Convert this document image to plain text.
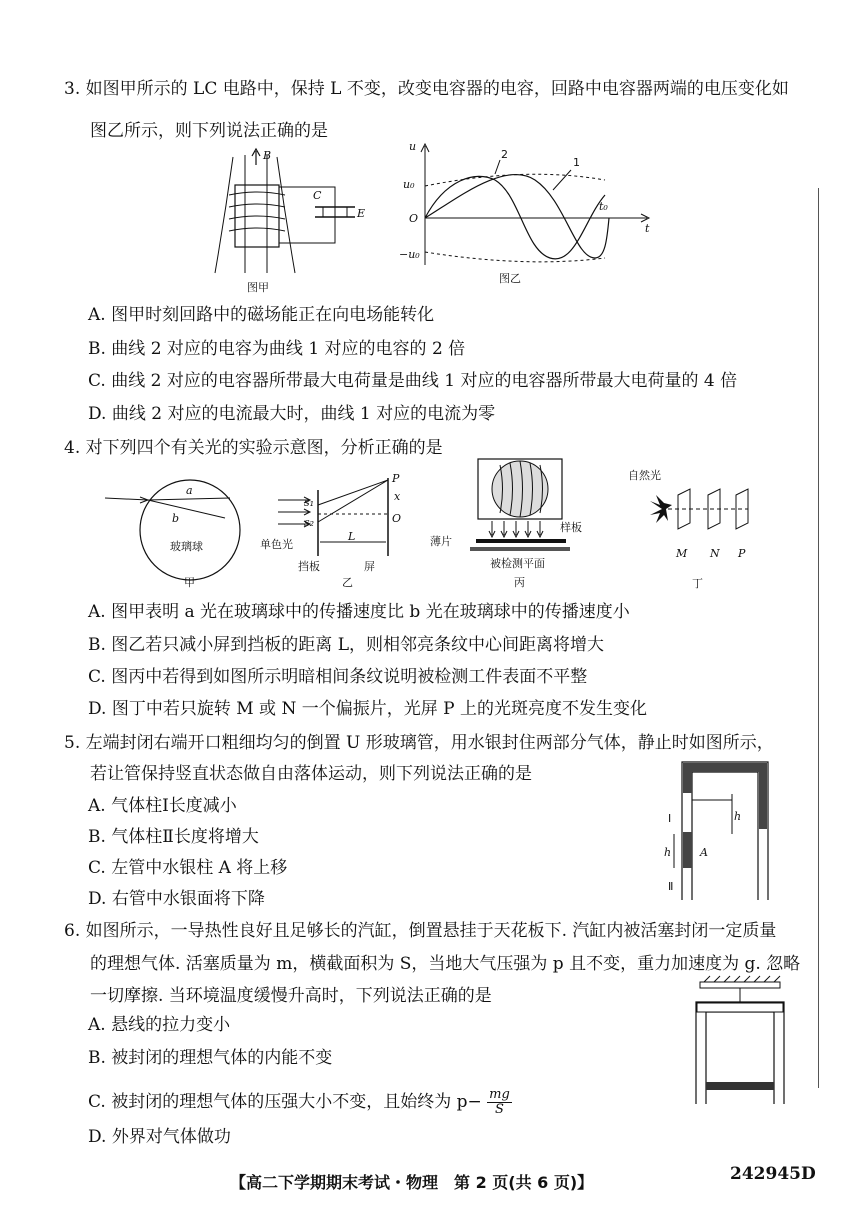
3. 如图甲所示的 LC 电路中，保持 L 不变，改变电容器的电容，回路中电容器两端的电压变化如
图乙所示，则下列说法正确的是
B
C
E
图甲
u
t
O
u₀
−u₀
t₀
2
1
图乙
A. 图甲时刻回路中的磁场能正在向电场能转化
B. 曲线 2 对应的电容为曲线 1 对应的电容的 2 倍
C. 曲线 2 对应的电容器所带最大电荷量是曲线 1 对应的电容器所带最大电荷量的 4 倍
D. 曲线 2 对应的电流最大时，曲线 1 对应的电流为零
4. 对下列四个有关光的实验示意图，分析正确的是
a
b
玻璃球
甲
s₁
s₂
P
x
O
单色光
L
挡板	屏
乙
薄片
样板
被检测平面
丙
自然光
M N P
丁
A. 图甲表明 a 光在玻璃球中的传播速度比 b 光在玻璃球中的传播速度小
B. 图乙若只减小屏到挡板的距离 L，则相邻亮条纹中心间距离将增大
C. 图丙中若得到如图所示明暗相间条纹说明被检测工件表面不平整
D. 图丁中若只旋转 M 或 N 一个偏振片，光屏 P 上的光斑亮度不发生变化
5. 左端封闭右端开口粗细均匀的倒置 U 形玻璃管，用水银封住两部分气体，静止时如图所示，
若让管保持竖直状态做自由落体运动，则下列说法正确的是
Ⅰ
Ⅱ
h
h	A
A. 气体柱Ⅰ长度减小
B. 气体柱Ⅱ长度将增大
C. 左管中水银柱 A 将上移
D. 右管中水银面将下降
6. 如图所示，一导热性良好且足够长的汽缸，倒置悬挂于天花板下. 汽缸内被活塞封闭一定质量
的理想气体. 活塞质量为 m，横截面积为 S，当地大气压强为 p 且不变，重力加速度为 g. 忽略
一切摩擦. 当环境温度缓慢升高时，下列说法正确的是
A. 悬线的拉力变小
B. 被封闭的理想气体的内能不变
C. 被封闭的理想气体的压强大小不变，且始终为 $p- \frac{mg}{S}$
D. 外界对气体做功
【高二下学期期末考试・物理　第 2 页(共 6 页)】	242945D
